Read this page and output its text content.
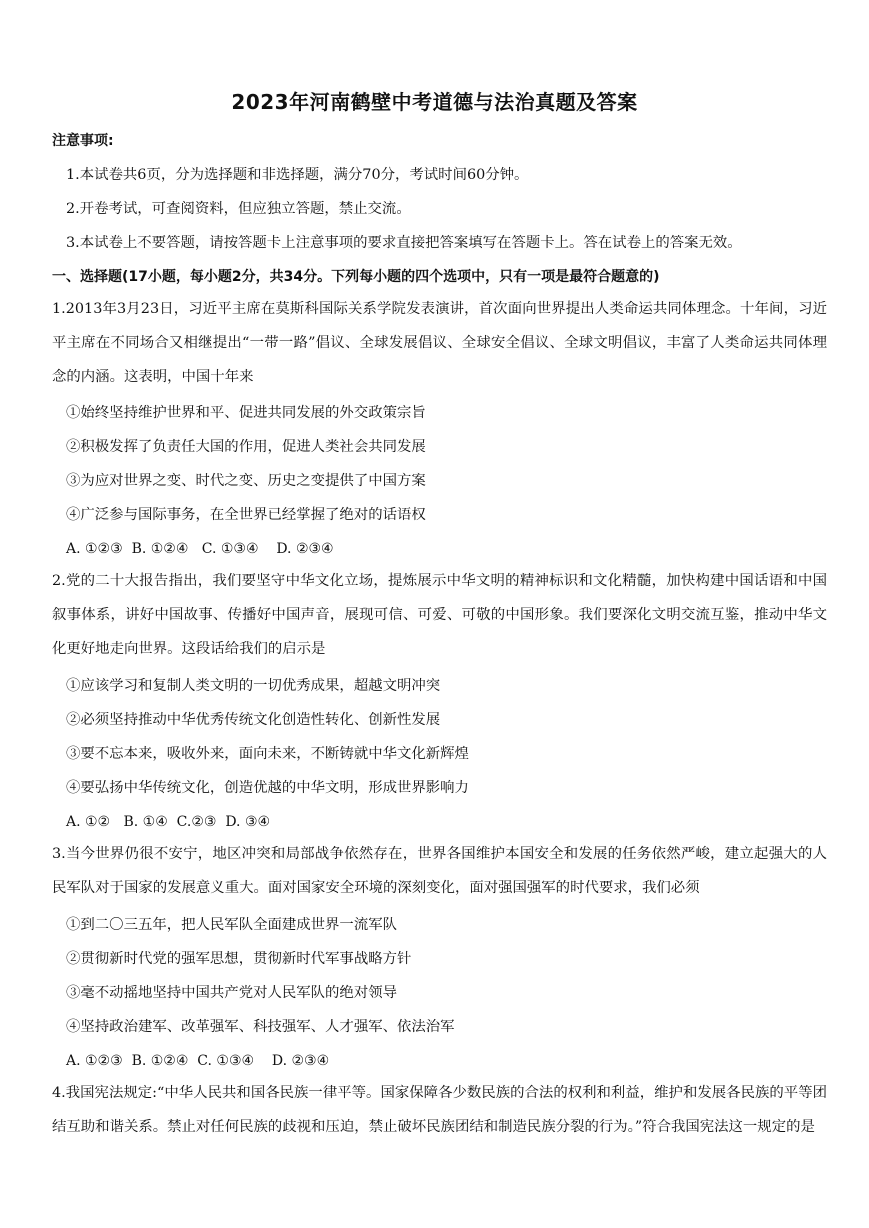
2023年河南鹤壁中考道德与法治真题及答案
注意事项:
1.本试卷共6页，分为选择题和非选择题，满分70分，考试时间60分钟。
2.开卷考试，可查阅资料，但应独立答题，禁止交流。
3.本试卷上不要答题，请按答题卡上注意事项的要求直接把答案填写在答题卡上。答在试卷上的答案无效。
一、选择题(17小题，每小题2分，共34分。下列每小题的四个选项中，只有一项是最符合题意的)
1.2013年3月23日，习近平主席在莫斯科国际关系学院发表演讲，首次面向世界提出人类命运共同体理念。十年间，习近平主席在不同场合又相继提出“一带一路”倡议、全球发展倡议、全球安全倡议、全球文明倡议，丰富了人类命运共同体理念的内涵。这表明，中国十年来
①始终坚持维护世界和平、促进共同发展的外交政策宗旨
②积极发挥了负责任大国的作用，促进人类社会共同发展
③为应对世界之变、时代之变、历史之变提供了中国方案
④广泛参与国际事务，在全世界已经掌握了绝对的话语权
A. ①②③  B. ①②④   C. ①③④    D. ②③④
2.党的二十大报告指出，我们要坚守中华文化立场，提炼展示中华文明的精神标识和文化精髓，加快构建中国话语和中国叙事体系，讲好中国故事、传播好中国声音，展现可信、可爱、可敬的中国形象。我们要深化文明交流互鉴，推动中华文化更好地走向世界。这段话给我们的启示是
①应该学习和复制人类文明的一切优秀成果，超越文明冲突
②必须坚持推动中华优秀传统文化创造性转化、创新性发展
③要不忘本来，吸收外来，面向未来，不断铸就中华文化新辉煌
④要弘扬中华传统文化，创造优越的中华文明，形成世界影响力
A. ①②   B. ①④  C.②③  D. ③④
3.当今世界仍很不安宁，地区冲突和局部战争依然存在，世界各国维护本国安全和发展的任务依然严峻，建立起强大的人民军队对于国家的发展意义重大。面对国家安全环境的深刻变化，面对强国强军的时代要求，我们必须
①到二〇三五年，把人民军队全面建成世界一流军队
②贯彻新时代党的强军思想，贯彻新时代军事战略方针
③毫不动摇地坚持中国共产党对人民军队的绝对领导
④坚持政治建军、改革强军、科技强军、人才强军、依法治军
A. ①②③  B. ①②④  C. ①③④    D. ②③④
4.我国宪法规定:“中华人民共和国各民族一律平等。国家保障各少数民族的合法的权利和利益，维护和发展各民族的平等团结互助和谐关系。禁止对任何民族的歧视和压迫，禁止破坏民族团结和制造民族分裂的行为。”符合我国宪法这一规定的是
